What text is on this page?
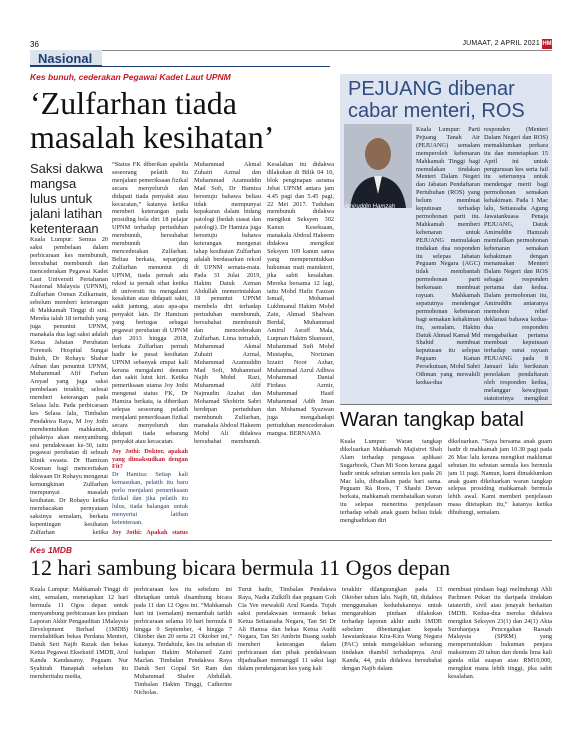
36	JUMAAT, 2 APRIL 2021 HM
Nasional
Kes bunuh, cederakan Pegawai Kadet Laut UPNM
‘Zulfarhan tiada masalah kesihatan’
Saksi dakwa mangsa lulus untuk jalani latihan ketenteraan
Kuala Lumpur: Semua 20 saksi pembelaan dalam perbicaraan kes membunuh, bersubahat membunuh dan mencederakan Pegawai Kadet Laut Universiti Pertahanan Nasional Malaysia (UPNM), Zulfarhan Osman Zulkarnain, sebelum memberi keterangan di Mahkamah Tinggi di sini. Mereka ialah 18 tertuduh yang juga penuntut UPNM, manakala dua lagi saksi adalah Ketua Jabatan Perubatan Forensik Hospital Sungai Buloh, Dr Rohayu Shahar Adnan dan penuntut UPNM, Muhammad Afif Farhan Arsyad yang juga saksi pembelaan terakhir, selesai memberi keterangan pada Selasa lalu. Pada perbicaraan kes Selasa lalu, Timbalan Pendakwa Raya, M Joy Jothi membentuhkan mahkamah, pihaknya akan menyambung sesi pendakwaan ke-30, iaitu pegawai perubatan di sebuah klinik swasta. Dr Hamizan Kosman bagi menceritakan dakwaan Dr Rohayu mengenai kemungkinan Zulfarhan mempunyai masalah kesihatan. Dr Rohayu ketika membacakan pernyataan saksinya semalam, berkata kepentingan kesihatan Zulfarhan ketika
“Status FK diberikan apabila seseorang pelatih itu menjalani pemeriksaan fizikal secara menyeluruh dan didapati tiada penyakit atau kecacatan,” katanya ketika memberi keterangan pada prosiding bela diri 18 pelajar UPNM terhadap pertuduhan membunuh, bersubahat membunuh dan mencederakan Zulfarhan. Beliau berkata, sepanjang Zulfarhan menuntut di UPNM, tiada pernah ada rekod ia pernah sihat ketika di universiti itu mengalami kesakitan atau didapati sakit, sakit jantung, atau apa-apa penyakit lain. Dr Hamizan yang bertugas sebagai pegawai perubatan di UPNM dari 2013 hingga 2018, berkata Zulfarhan pernah hadir ke pusat kesihatan UPNM sebanyak empat kali kerana mengalami demam dan sakit lutut kiri. Ketika pemeriksaan utama Joy Jothi mengenai status FK, Dr Hamiza berkata, ia diberikan selepas seseorang pelatih menjalani pemeriksaan fizikal secara menyeluruh dan didapati tiada sebarang penyakit atau kecacatan.
Joy Jothi: Doktor, apakah yang dimaksudkan dengan Fit?
Dr Hamiza: Setiap kali kemasukan, pelatih itu baru perlu menjalani pemeriksaan fizikal dan jika pelatih itu lulus, tiada halangan untuk menyertai latihan ketenteraan.
Joy Jothi: Apakah status
Muhammad Akmal Zuhairi Azmal dan Muhammad Azamuddin Mad Sofi, Dr Hamiza bersetuju bahawa beliau tidak mempunyai kepakaran dalam bidang patologi (bedah siasat dan patologi). Dr Hamiza juga bersetuju bahawa keterangan mengenai tahap kesihatan Zulfarhan adalah berdasarkan rekod di UPNM semata-mata. Pada 31 Julai 2019, Hakim Datuk Azman Abdullah memerintahkan 18 penuntut UPNM membela diri terhadap pertuduhan membunuh, bersubahat membunuh dan mencederakan Zulfarhan. Lima tertuduh, Muhammad Akmal Zuhairi Azmal, Muhammad Azamuddin Mad Sofi, Muhammad Najib Mohd Razi, Muhammad Afif Najmudin Azahat dan Mohamad Shobirin Sabri berdepan pertuduhan membunuh Zulfarhan, manakala Abdoul Hakeem Mohd Ali didakwa bersubahat membunuh. Kesalahan itu didakwa dilakukan di Bilik 04 10, blok penginapan asrama Jebat UPNM antara jam 4.45 pagi dan 5.45 pagi, 22 Mei 2017. Tuduhan membunuh didakwa mengikut Seksyen 302 Kanun Keseksaan, manakala Abdoul Hakeem didakwa mengikut Seksyen 109 kanun sama yang memperuntukkan hukuman mati mandatori, jika sabit kesalahan. Mereka bersama 12 lagi, iaitu Mohd Hafiz Fauzan Ismail, Mohamad Lukhmanul Hakim Mohd Zain, Ahmad Shafwan Berdal, Muhammad Amirul Asraff Mala, Luqman Hakim Shamsuri, Muhammad Sufi Mohd Mustapha, Noriznan Izzairi Noor Azhar, Muhammad Azrul Adhwa Mohammad Danial Firdaus Azmir, Muhammad Hasif Muhammad Adib Iman dan Mohamad Syazwan juga mengahadapi pertuduhan mencederakan mangsa. BERNAMA
PEJUANG dibenar cabar menteri, ROS
Amiruddin Hamzah
Kuala Lumpur: Parti Pejuang Tanah Air (PEJUANG) semalam memperoleh kebenaran Mahkamah Tinggi bagi memulakan tindakan Menteri Dalam Negeri dan Jabatan Pendaftaran Pertubuhan (ROS) yang belum membuat keputusan terhadap permohonan parti itu. Mahkamah memberi kebenaran untuk PEJUANG memulakan tindakan dua responden itu selepas Jabatan Peguam Negara (AGC) tidak membantah permohonan parti berkenaan membuat rayuan. Mahkamah sepatutnya mendengar permohonan kebenaran bagi semakan kehakiman itu, semalam. Hakim Datuk Ahmad Kamal Md Shahid membuat keputusan itu selepas Peguam Kanan Persekutuan, Mohd Sabri Othman yang mewakili kedua-dua
responden (Menteri Dalam Negeri dan ROS) memaklumkan perkara itu dan menetapkan 15 April ini untuk pengurusan kes serta fail itu seterusnya untuk mendengar merit bagi permohonan semakan kehakiman. Pada 1 Mac lalu, Setiausaha Agung Jawatankuasa Penaja PEJUANG, Datuk Amiruddin Hamzah memfailkan permohonan kebenaran semakan kehakiman dengan menamakan Menteri Dalam Negeri dan ROS sebagai responden pertama dan kedua. Dalam permohonan itu, Amiruddin antaranya memohon relief deklarasi bahawa kedua-dua responden mengabaikan pertama membuat keputusan terhadap surat rayuan PEJUANG pada 8 Januari lalu berikutan penolakan pendaftaran oleh responden kedua, melanggar kewajipan statutorinya mengikut
Waran tangkap batal
Kuala Lumpur: Waran tangkap dikeluarkan Mahkamah Majistret Shah Alam terhadap pengasas aplikasi Sugarbook, Chan Mi Soon kerana gagal hadir untuk sebutan semula kes pada 26 Mac lalu, dibatalkan pada hari sama. Peguam Rà Roos, T Shashi Devan berkata, mahkamah membatalkan waran itu selepas menerima penjelasan terhadap sebab anak guam beliau tidak menghadirkan diri
dikeluarkan. “Saya bersama anak guam hadir di mahkamah jam 10.30 pagi pada 26 Mac lalu kerana mengikut maklumat sebutan itu sebutan semula kes bermula jam 11 pagi. Namun, kami dimaklumkan anak guam dikeluarkan waran tangkap selepas prosiding mahkamah bermula lebih awal. Kami memberi penjelasan masa ditetapkan itu,” katanya ketika dihubungi, semalam.
Kes 1MDB
12 hari sambung bicara bermula 11 Ogos depan
Kuala Lumpur: Mahkamah Tinggi di sini, semalam, menetapkan 12 hari bermula 11 Ogos depan untuk menyambung perbicaraan kes pindaan Laporan Akhir Pengauditan 1Malaysia Development Berhad (1MDB) membabitkan bekas Perdana Menteri, Datuk Seri Najib Razak dan bekas Ketua Pegawai Eksekutif 1MDB, Arul Kanda Kandasamy. Peguam Nur Syahirah Hanapiah sebelum itu memberitahu media,
perbicaraan kes itu sebelum ini ditetapkan untuk disambung bicara pada 11 dan 12 Ogos ini. “Mahkamah hari ini (semalam) menambah tarikh perbicaraan selama 10 hari bermula 8 hingga 9 September, 4 hingga 7 Oktober dan 20 serta 21 Oktober ini,” katanya. Terdahulu, kes itu sebutan di hadapan Hakim Mohamed Zaini Mazlan. Timbalan Pendakwa Raya Datuk Seri Gopal Sri Ram dan Muhammad Shafee Abdullah. Timbalan Hakim Tinggi, Catherine Nicholas.
Turut hadir, Timbalan Pendakwa Raya, Nadia Zulkifli dan peguam Goh Cia Yee mewakili Arul Kanda. Tujuh saksi pendakwaan termasuk bekas Ketua Setiausaha Negara, Tan Sri Dr Ali Hamsa dan bekas Ketua Audit Negara, Tan Sri Ambrin Buang sudah memberi keterangan dalam perbicaraan dan pihak pendakwaan dijadualkan memanggil 11 saksi lagi dalam pendengaran kes yang kali
terakhir dilangsungkan pada 13 Oktober tahun lalu. Najib, 68, didakwa menggunakan kedudukannya untuk mengarahkan pindaan dilakukan terhadap laporan akhir audit 1MDB sebelum dibentangkan kepada Jawatankuasa Kira-Kira Wang Negara (PAC) untuk mengelakkan sebarang tindakan diambil terhadapnya. Arul Kanda, 44, pula didakwa bersubahat dengan Najib dalam
membuat pindaan bagi melindungi Ahli Parlimen Pekan itu daripada tindakan tatatertib, sivil atau jenayah berkaitan 1MDB. Kedua-dua mereka didakwa mengikut Seksyen 23(1) dan 24(1) Akta Suruhanjaya Pencegahan Rasuah Malaysia (SPRM) yang memperuntukkan hukuman penjara maksimum 20 tahun dan denda lima kali ganda nilai suapan atau RM10,000, mengikut mana lebih tinggi, jika sabit kesalahan.
